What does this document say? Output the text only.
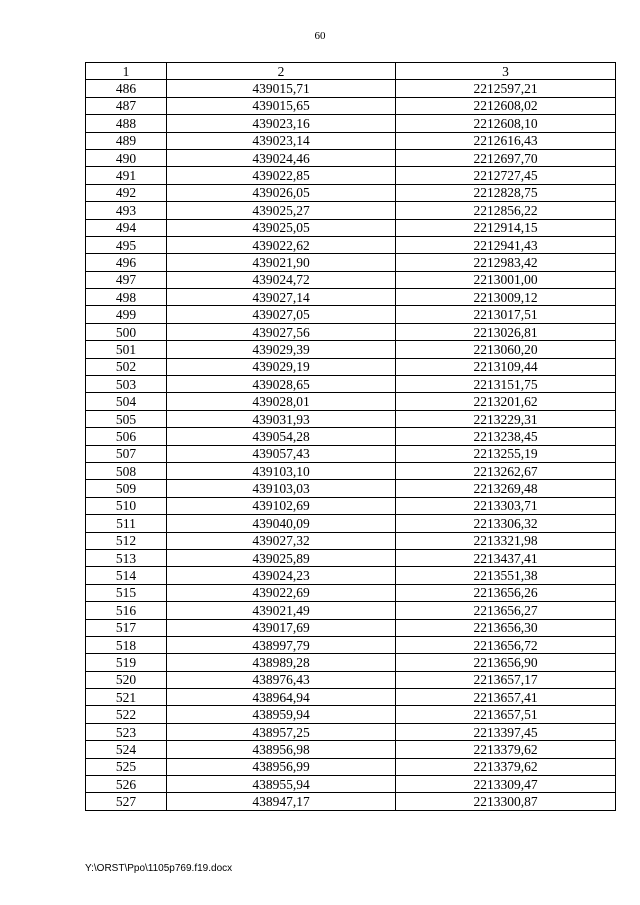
60
1	2	3
486	439015,71	2212597,21
487	439015,65	2212608,02
488	439023,16	2212608,10
489	439023,14	2212616,43
490	439024,46	2212697,70
491	439022,85	2212727,45
492	439026,05	2212828,75
493	439025,27	2212856,22
494	439025,05	2212914,15
495	439022,62	2212941,43
496	439021,90	2212983,42
497	439024,72	2213001,00
498	439027,14	2213009,12
499	439027,05	2213017,51
500	439027,56	2213026,81
501	439029,39	2213060,20
502	439029,19	2213109,44
503	439028,65	2213151,75
504	439028,01	2213201,62
505	439031,93	2213229,31
506	439054,28	2213238,45
507	439057,43	2213255,19
508	439103,10	2213262,67
509	439103,03	2213269,48
510	439102,69	2213303,71
511	439040,09	2213306,32
512	439027,32	2213321,98
513	439025,89	2213437,41
514	439024,23	2213551,38
515	439022,69	2213656,26
516	439021,49	2213656,27
517	439017,69	2213656,30
518	438997,79	2213656,72
519	438989,28	2213656,90
520	438976,43	2213657,17
521	438964,94	2213657,41
522	438959,94	2213657,51
523	438957,25	2213397,45
524	438956,98	2213379,62
525	438956,99	2213379,62
526	438955,94	2213309,47
527	438947,17	2213300,87
Y:\ORST\Ppo\1105p769.f19.docx
